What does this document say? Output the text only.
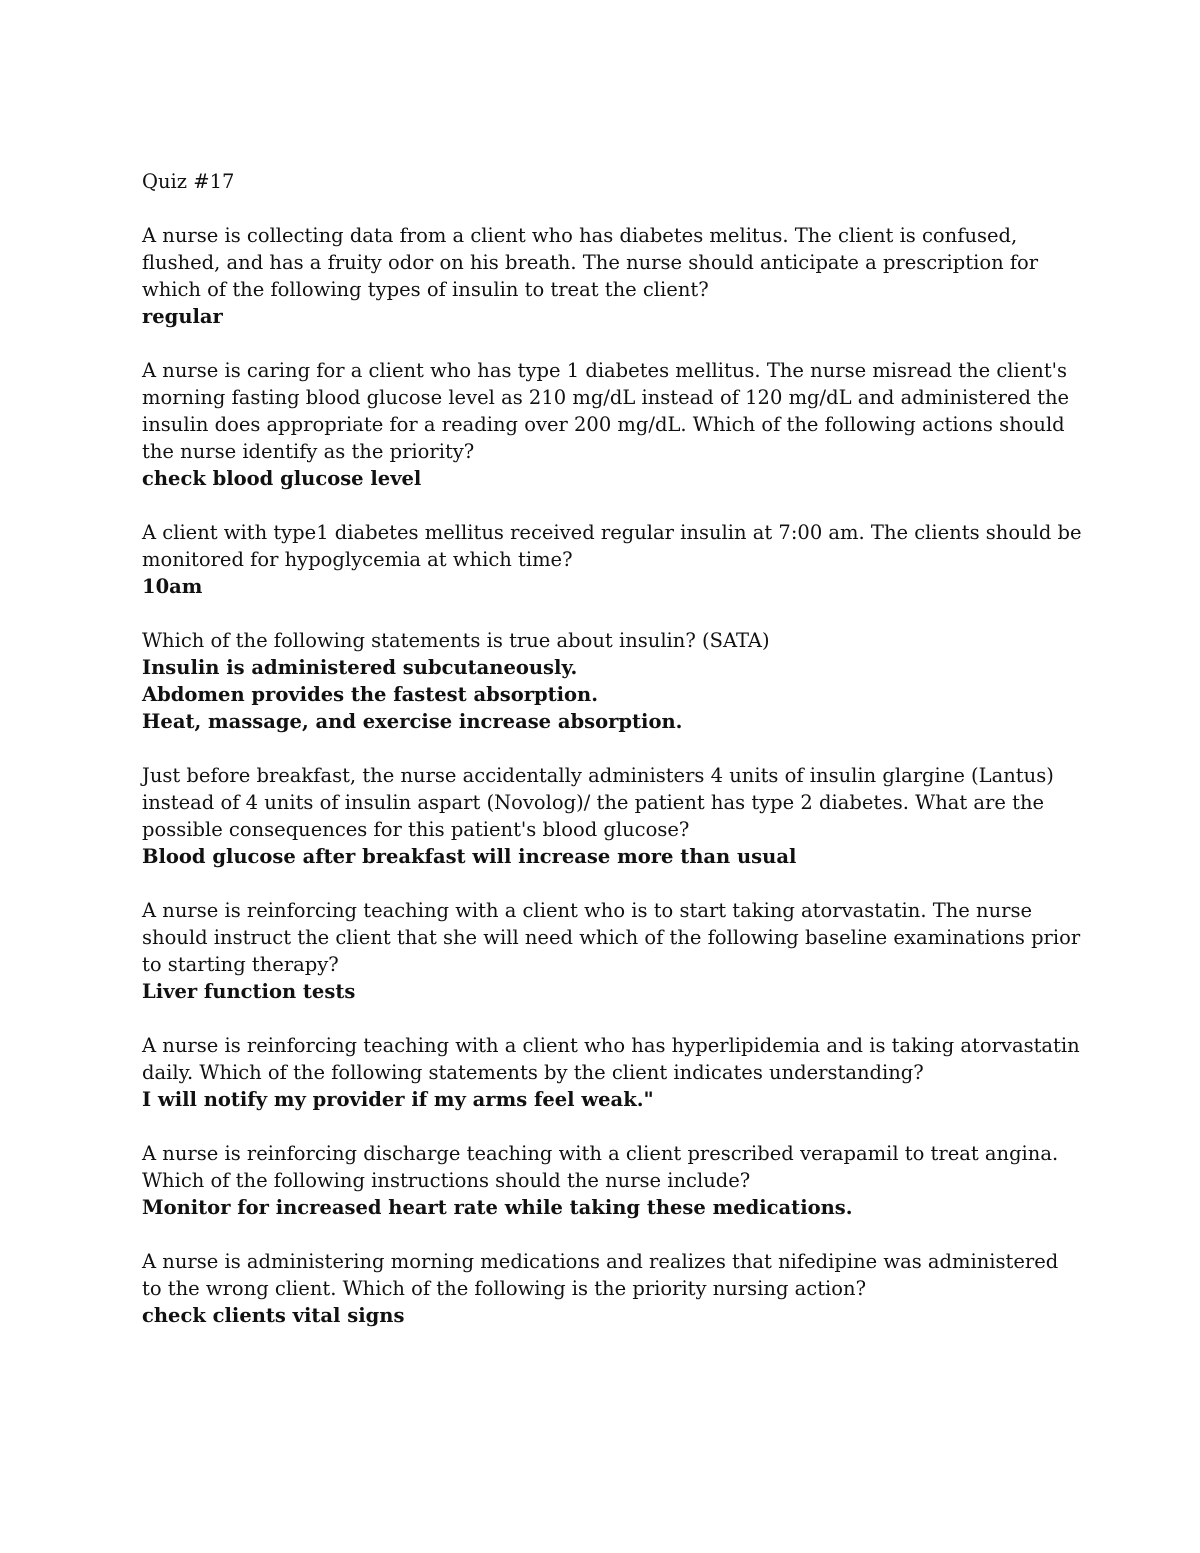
Quiz #17

A nurse is collecting data from a client who has diabetes melitus. The client is confused, flushed, and has a fruity odor on his breath. The nurse should anticipate a prescription for which of the following types of insulin to treat the client?

regular

A nurse is caring for a client who has type 1 diabetes mellitus. The nurse misread the client's morning fasting blood glucose level as 210 mg/dL instead of 120 mg/dL and administered the insulin does appropriate for a reading over 200 mg/dL. Which of the following actions should the nurse identify as the priority?

check blood glucose level

A client with type1 diabetes mellitus received regular insulin at 7:00 am. The clients should be monitored for hypoglycemia at which time?

10am

Which of the following statements is true about insulin? (SATA)

Insulin is administered subcutaneously.

Abdomen provides the fastest absorption.

Heat, massage, and exercise increase absorption.

Just before breakfast, the nurse accidentally administers 4 units of insulin glargine (Lantus) instead of 4 units of insulin aspart (Novolog)/ the patient has type 2 diabetes. What are the possible consequences for this patient's blood glucose?

Blood glucose after breakfast will increase more than usual

A nurse is reinforcing teaching with a client who is to start taking atorvastatin. The nurse should instruct the client that she will need which of the following baseline examinations prior to starting therapy?

Liver function tests

A nurse is reinforcing teaching with a client who has hyperlipidemia and is taking atorvastatin daily. Which of the following statements by the client indicates understanding?

I will notify my provider if my arms feel weak."

A nurse is reinforcing discharge teaching with a client prescribed verapamil to treat angina. Which of the following instructions should the nurse include?

Monitor for increased heart rate while taking these medications.

A nurse is administering morning medications and realizes that nifedipine was administered to the wrong client. Which of the following is the priority nursing action?

check clients vital signs
